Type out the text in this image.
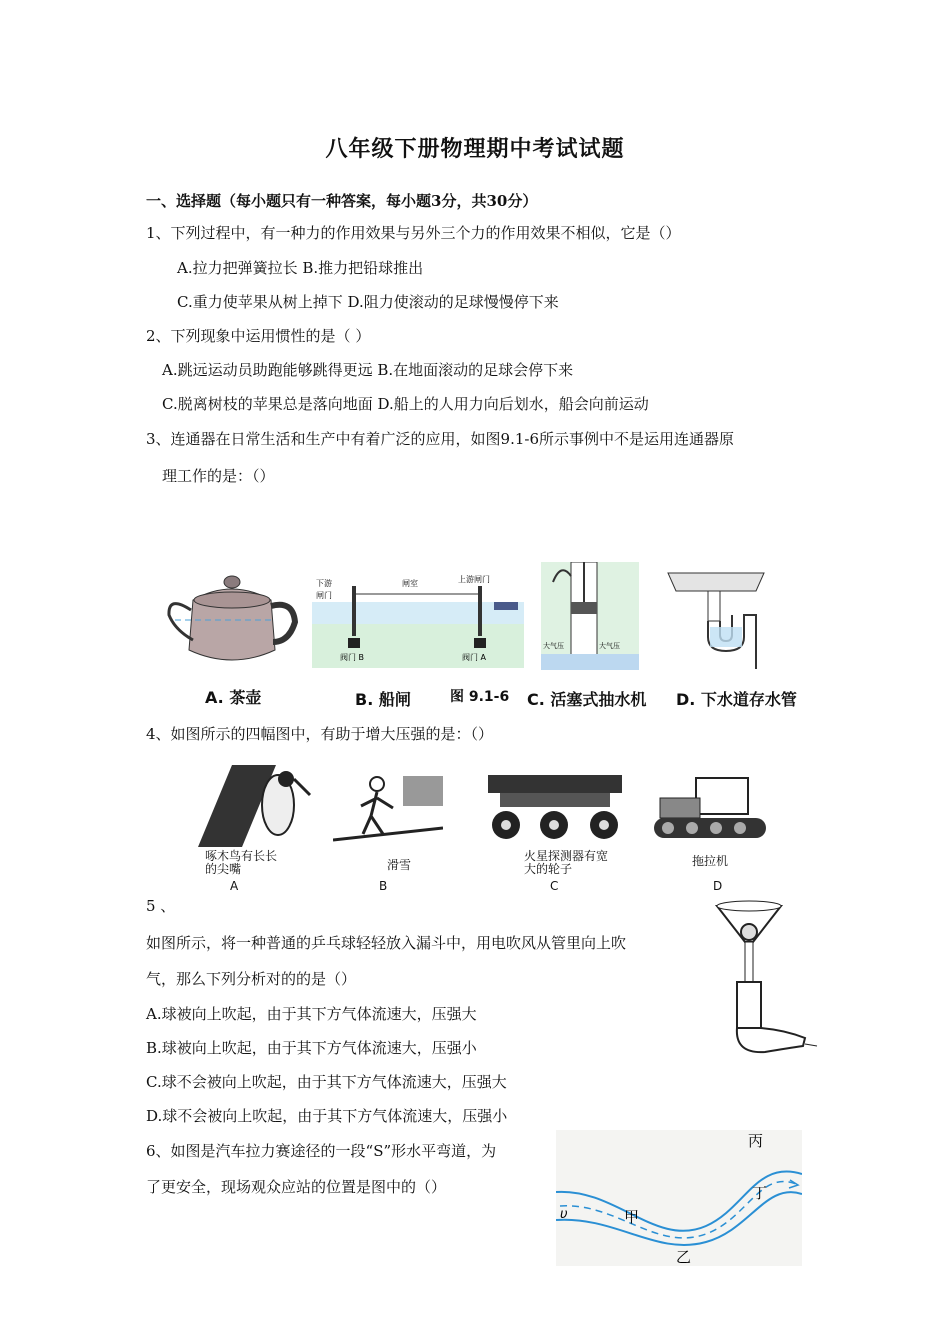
八年级下册物理期中考试试题
一、选择题（每小题只有一种答案，每小题3分，共30分）
1、下列过程中，有一种力的作用效果与另外三个力的作用效果不相似，它是（）
A.拉力把弹簧拉长 B.推力把铅球推出
C.重力使苹果从树上掉下 D.阻力使滚动的足球慢慢停下来
2、下列现象中运用惯性的是（ ）
A.跳远运动员助跑能够跳得更远 B.在地面滚动的足球会停下来
C.脱离树枝的苹果总是落向地面 D.船上的人用力向后划水，船会向前运动
3、连通器在日常生活和生产中有着广泛的应用，如图9.1-6所示事例中不是运用连通器原
理工作的是：（）
下游
闸门
闸室	上游闸门
阀门 B	阀门 A
大气压	大气压
A. 茶壶	B. 船闸	图 9.1-6 C. 活塞式抽水机 D. 下水道存水管
4、如图所示的四幅图中，有助于增大压强的是：（）
啄木鸟有长长的尖嘴
A
滑雪
B
火星探测器有宽大的轮子
C
拖拉机
D
5 、
如图所示，将一种普通的乒乓球轻轻放入漏斗中，用电吹风从管里向上吹
气，那么下列分析对的的是（）
A.球被向上吹起，由于其下方气体流速大，压强大
B.球被向上吹起，由于其下方气体流速大，压强小
C.球不会被向上吹起，由于其下方气体流速大，压强大
D.球不会被向上吹起，由于其下方气体流速大，压强小
6、如图是汽车拉力赛途径的一段“S”形水平弯道，为
了更安全，现场观众应站的位置是图中的（）
丙
丁
甲
乙
υ
